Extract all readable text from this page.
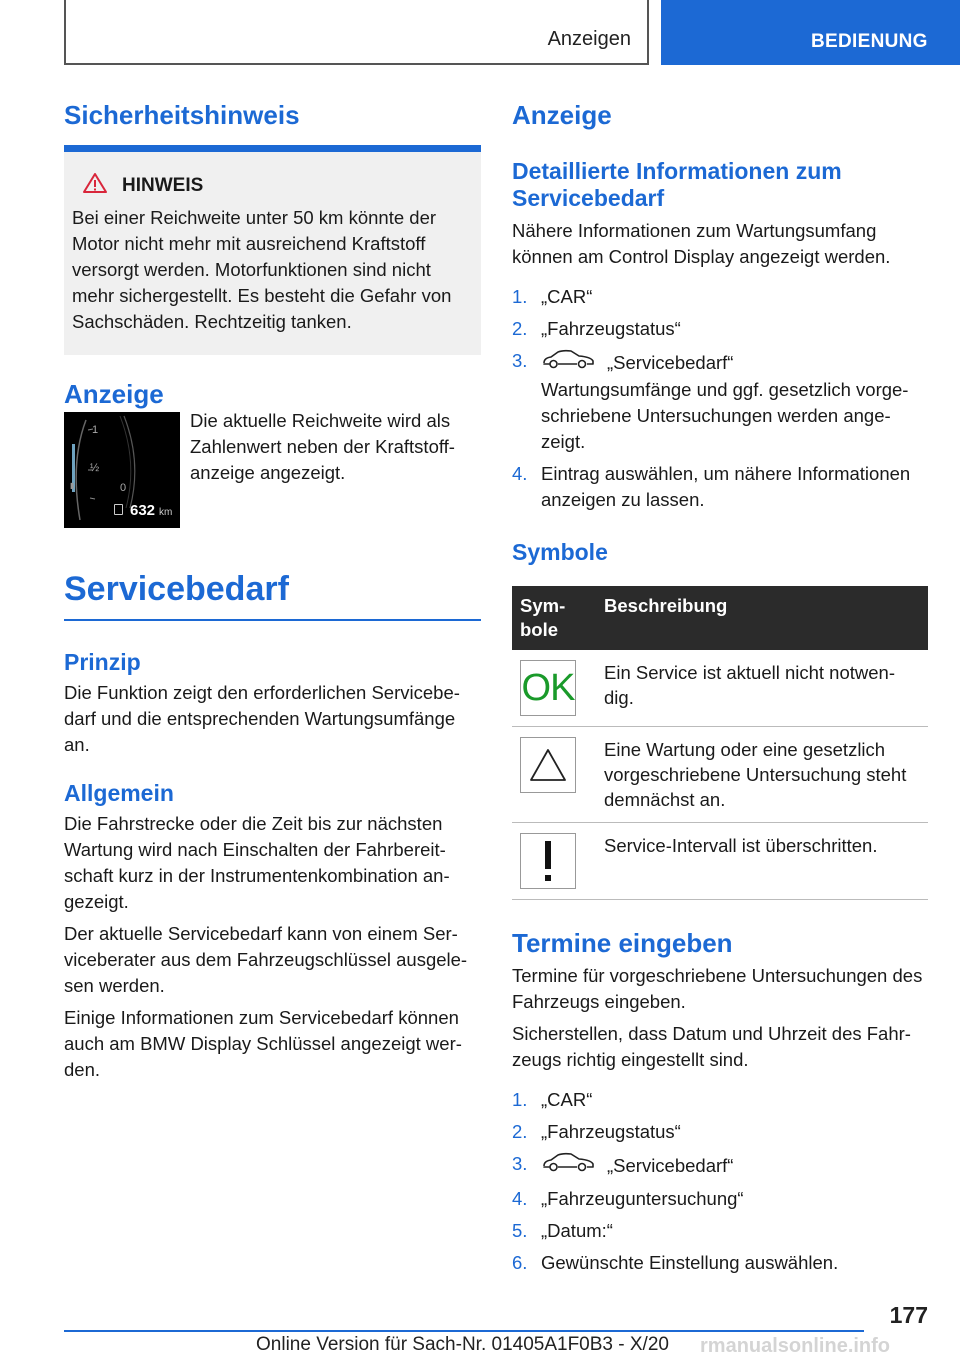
Anzeigen	BEDIENUNG
Sicherheitshinweis
HINWEIS

Bei einer Reichweite unter 50 km könnte der Motor nicht mehr mit ausreichend Kraftstoff versorgt werden. Motorfunktionen sind nicht mehr sichergestellt. Es besteht die Gefahr von Sachschäden. Rechtzeitig tanken.

Anzeige
▮
1
½
0
632 km

Die aktuelle Reichweite wird als Zahlenwert neben der Kraftstoff-anzeige angezeigt.

Servicebedarf
Prinzip

Die Funktion zeigt den erforderlichen Servicebe-darf und die entsprechenden Wartungsumfänge an.

Allgemein

Die Fahrstrecke oder die Zeit bis zur nächsten Wartung wird nach Einschalten der Fahrbereit-schaft kurz in der Instrumentenkombination an-gezeigt.

Der aktuelle Servicebedarf kann von einem Ser-viceberater aus dem Fahrzeugschlüssel ausgele-sen werden.

Einige Informationen zum Servicebedarf können auch am BMW Display Schlüssel angezeigt wer-den.

Anzeige
Detaillierte Informationen zum Servicebedarf

Nähere Informationen zum Wartungsumfang können am Control Display angezeigt werden.

1. „CAR“
2. „Fahrzeugstatus“
3.	„Servicebedarf“
Wartungsumfänge und ggf. gesetzlich vorge-schriebene Untersuchungen werden ange-zeigt.
4. Eintrag auswählen, um nähere Informationen anzeigen zu lassen.
Symbole
Sym-bole	Beschreibung

OK	Ein Service ist aktuell nicht notwen-dig.

	Eine Wartung oder eine gesetzlich vorgeschriebene Untersuchung steht demnächst an.

	Service-Intervall ist überschritten.
Termine eingeben

Termine für vorgeschriebene Untersuchungen des Fahrzeugs eingeben.

Sicherstellen, dass Datum und Uhrzeit des Fahr-zeugs richtig eingestellt sind.

1. „CAR“
2. „Fahrzeugstatus“
3.	„Servicebedarf“
4. „Fahrzeuguntersuchung“
5. „Datum:“
6. Gewünschte Einstellung auswählen.
177
Online Version für Sach-Nr. 01405A1F0B3 - X/20 rmanualsonline.info
